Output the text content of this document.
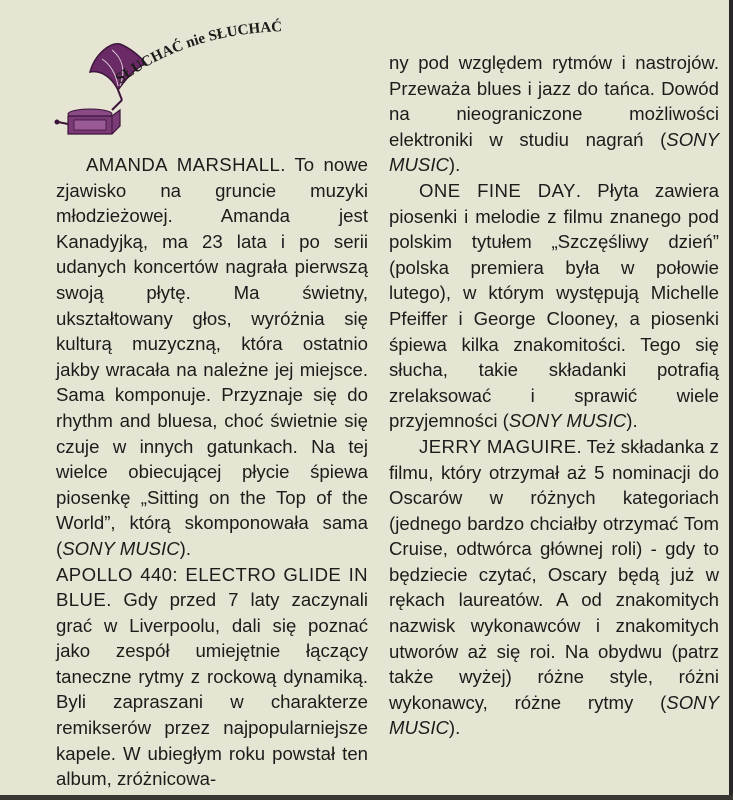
SŁUCHAĆ nie SŁUCHAĆ

AMANDA MARSHALL. To nowe zjawisko na gruncie muzyki młodzieżowej. Amanda jest Kanadyjką, ma 23 lata i po serii udanych koncertów nagrała pierwszą swoją płytę. Ma świetny, ukształtowany głos, wyróżnia się kulturą muzyczną, która ostatnio jakby wracała na należne jej miejsce. Sama komponuje. Przyznaje się do rhythm and bluesa, choć świetnie się czuje w innych gatunkach. Na tej wielce obiecującej płycie śpiewa piosenkę „Sitting on the Top of the World”, którą skomponowała sama (SONY MUSIC).

APOLLO 440: ELECTRO GLIDE IN BLUE. Gdy przed 7 laty zaczynali grać w Liverpoolu, dali się poznać jako zespół umiejętnie łączący taneczne rytmy z rockową dynamiką. Byli zapraszani w charakterze remikserów przez najpopularniejsze kapele. W ubiegłym roku powstał ten album, zróżnicowa-

ny pod względem rytmów i nastrojów. Przeważa blues i jazz do tańca. Dowód na nieograniczone możliwości elektroniki w studiu nagrań (SONY MUSIC).

ONE FINE DAY. Płyta zawiera piosenki i melodie z filmu znanego pod polskim tytułem „Szczęśliwy dzień” (polska premiera była w połowie lutego), w którym występują Michelle Pfeiffer i George Clooney, a piosenki śpiewa kilka znakomitości. Tego się słucha, takie składanki potrafią zrelaksować i sprawić wiele przyjemności (SONY MUSIC).

JERRY MAGUIRE. Też składanka z filmu, który otrzymał aż 5 nominacji do Oscarów w różnych kategoriach (jednego bardzo chciałby otrzymać Tom Cruise, odtwórca głównej roli) - gdy to będziecie czytać, Oscary będą już w rękach laureatów. A od znakomitych nazwisk wykonawców i znakomitych utworów aż się roi. Na obydwu (patrz także wyżej) różne style, różni wykonawcy, różne rytmy (SONY MUSIC).
